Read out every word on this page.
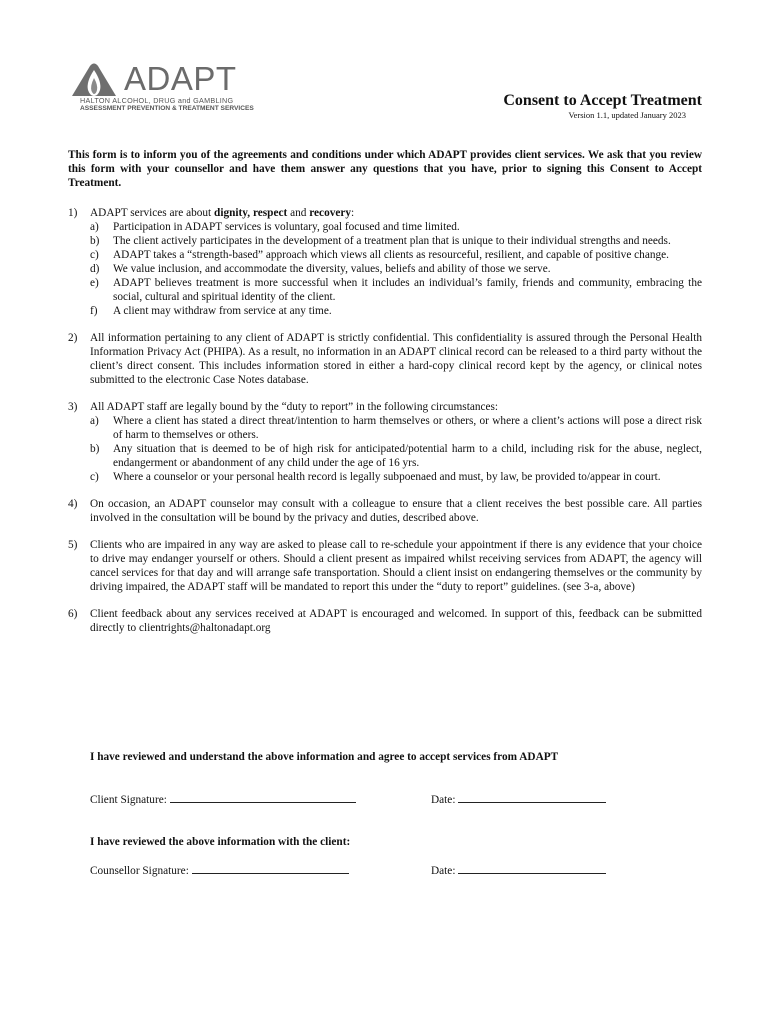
ADAPT
HALTON ALCOHOL, DRUG and GAMBLING
ASSESSMENT PREVENTION & TREATMENT SERVICES	Consent to Accept Treatment
Version 1.1, updated January 2023
This form is to inform you of the agreements and conditions under which ADAPT provides client services. We ask that you review this form with your counsellor and have them answer any questions that you have, prior to signing this Consent to Accept Treatment.
1) ADAPT services are about dignity, respect and recovery:

a) Participation in ADAPT services is voluntary, goal focused and time limited.
b) The client actively participates in the development of a treatment plan that is unique to their individual strengths and needs.
c) ADAPT takes a “strength-based” approach which views all clients as resourceful, resilient, and capable of positive change.
d) We value inclusion, and accommodate the diversity, values, beliefs and ability of those we serve.
e) ADAPT believes treatment is more successful when it includes an individual’s family, friends and community, embracing the social, cultural and spiritual identity of the client.
f) A client may withdraw from service at any time.
2) All information pertaining to any client of ADAPT is strictly confidential. This confidentiality is assured through the Personal Health Information Privacy Act (PHIPA). As a result, no information in an ADAPT clinical record can be released to a third party without the client’s direct consent. This includes information stored in either a hard-copy clinical record kept by the agency, or clinical notes submitted to the electronic Case Notes database.

3) All ADAPT staff are legally bound by the “duty to report” in the following circumstances:

a) Where a client has stated a direct threat/intention to harm themselves or others, or where a client’s actions will pose a direct risk of harm to themselves or others.
b) Any situation that is deemed to be of high risk for anticipated/potential harm to a child, including risk for the abuse, neglect, endangerment or abandonment of any child under the age of 16 yrs.
c) Where a counselor or your personal health record is legally subpoenaed and must, by law, be provided to/appear in court.
4) On occasion, an ADAPT counselor may consult with a colleague to ensure that a client receives the best possible care. All parties involved in the consultation will be bound by the privacy and duties, described above.

5) Clients who are impaired in any way are asked to please call to re-schedule your appointment if there is any evidence that your choice to drive may endanger yourself or others. Should a client present as impaired whilst receiving services from ADAPT, the agency will cancel services for that day and will arrange safe transportation. Should a client insist on endangering themselves or the community by driving impaired, the ADAPT staff will be mandated to report this under the “duty to report” guidelines. (see 3-a, above)

6) Client feedback about any services received at ADAPT is encouraged and welcomed. In support of this, feedback can be submitted directly to clientrights@haltonadapt.org

I have reviewed and understand the above information and agree to accept services from ADAPT
Client Signature:	Date:
I have reviewed the above information with the client:
Counsellor Signature:	Date:
